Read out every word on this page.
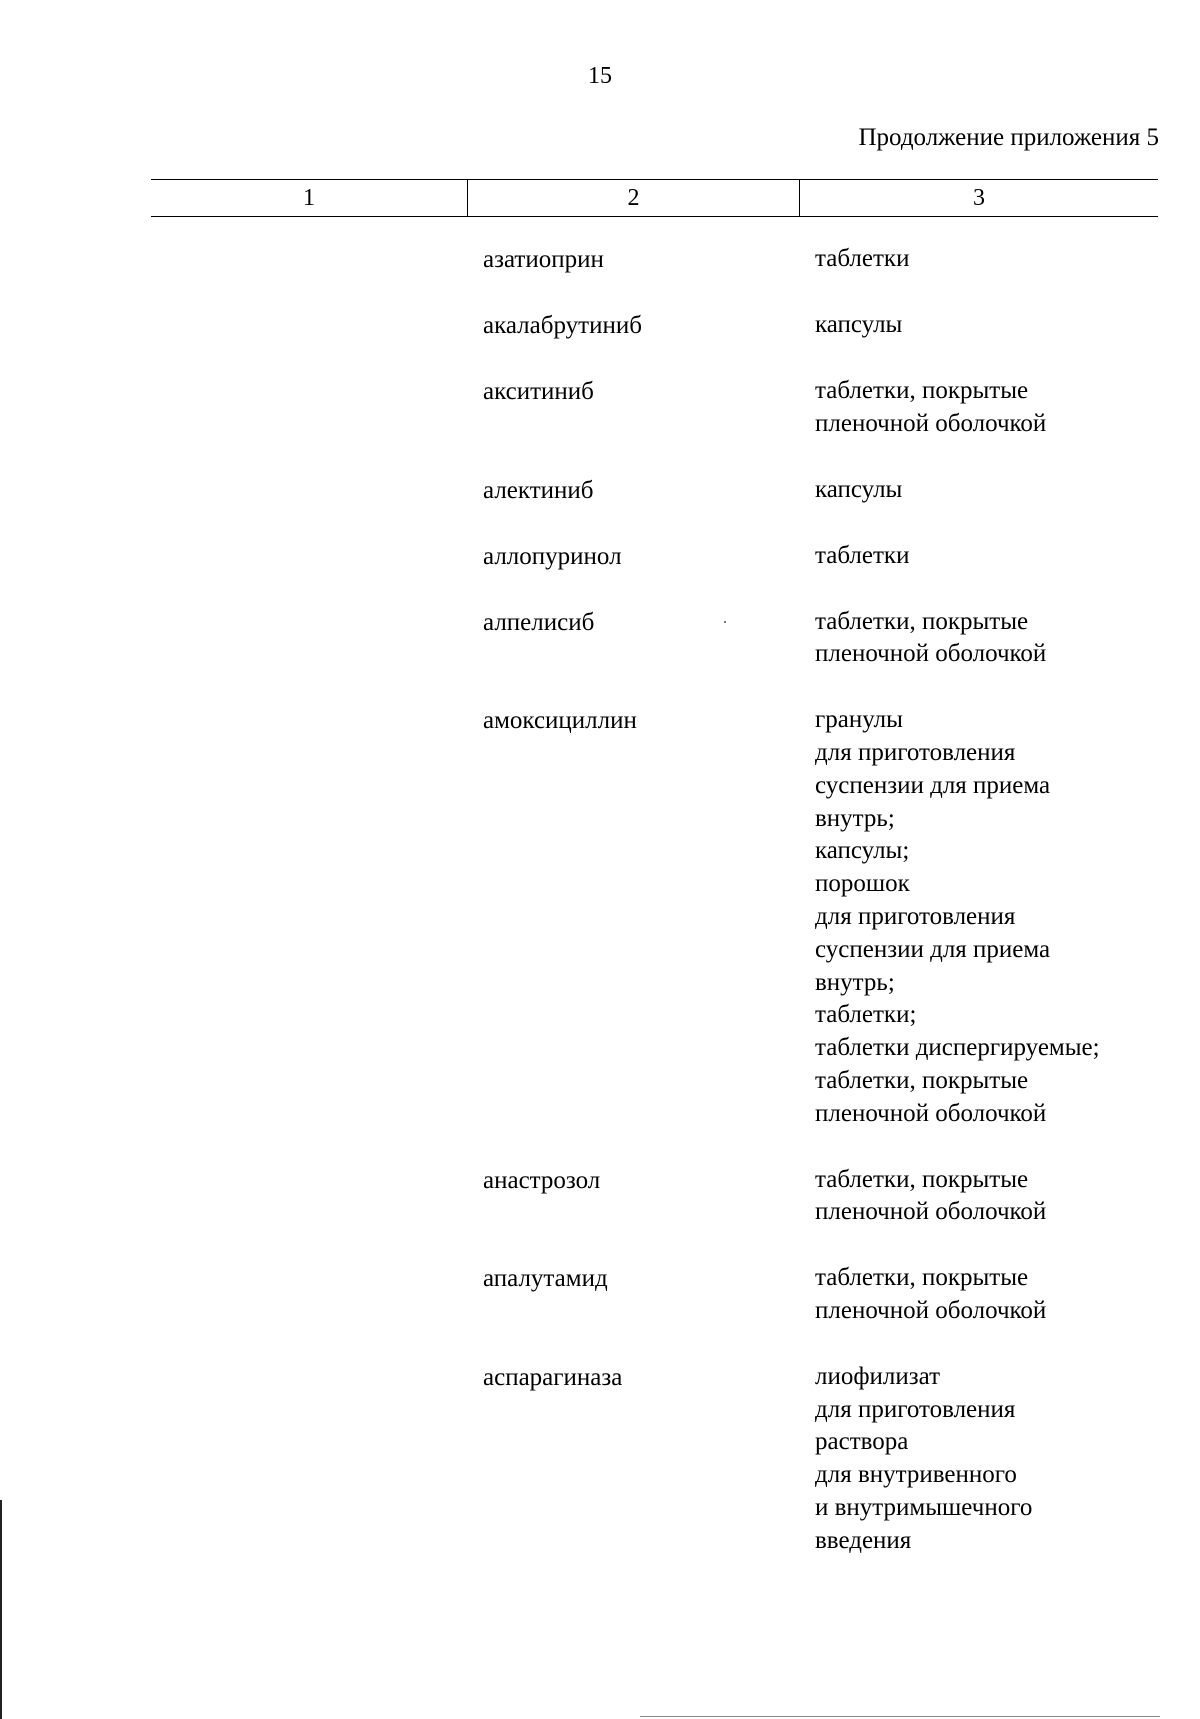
15
Продолжение приложения 5
1	2	3
азатиоприн	таблетки
акалабрутиниб	капсулы
акситиниб	таблетки, покрытые
пленочной оболочкой
алектиниб	капсулы
аллопуринол	таблетки
алпелисиб	таблетки, покрытые
пленочной оболочкой
амоксициллин	гранулы
для приготовления
суспензии для приема
внутрь;
капсулы;
порошок
для приготовления
суспензии для приема
внутрь;
таблетки;
таблетки диспергируемые;
таблетки, покрытые
пленочной оболочкой
анастрозол	таблетки, покрытые
пленочной оболочкой
апалутамид	таблетки, покрытые
пленочной оболочкой
аспарагиназа	лиофилизат
для приготовления
раствора
для внутривенного
и внутримышечного
введения
